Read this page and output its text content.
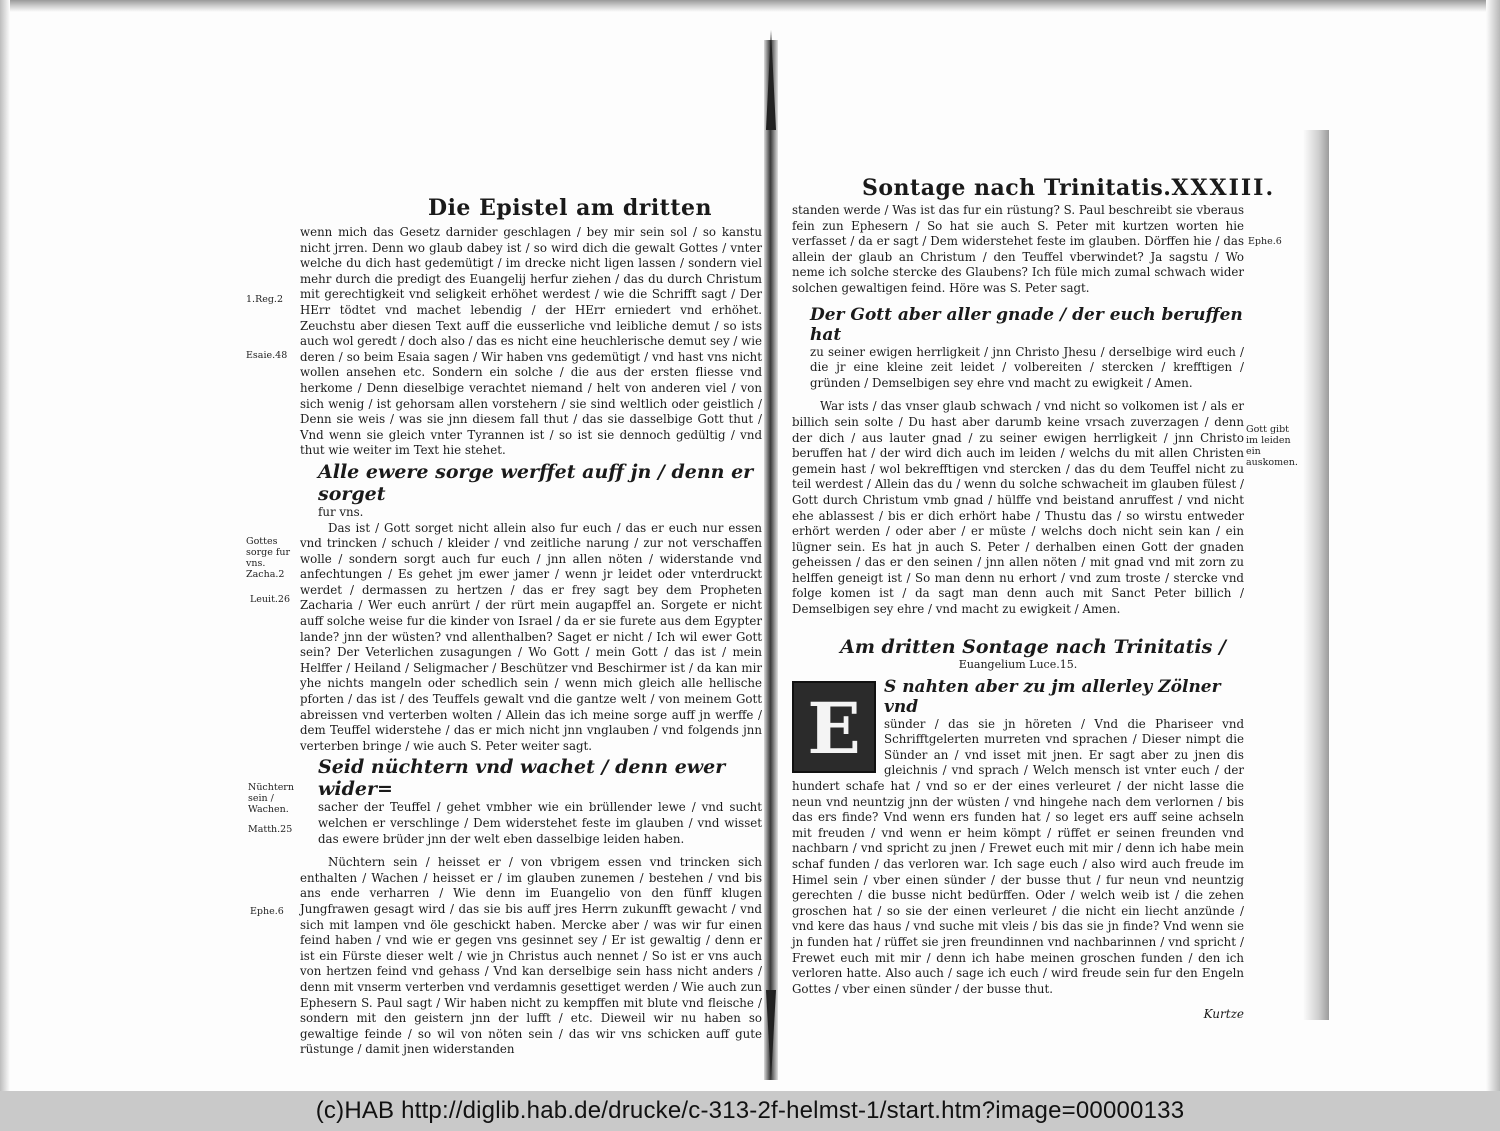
Die Epistel am dritten

wenn mich das Gesetz darnider geschlagen / bey mir sein sol / so kanstu nicht jrren. Denn wo glaub dabey ist / so wird dich die gewalt Gottes / vnter welche du dich hast gedemütigt / im drecke nicht ligen lassen / sondern viel mehr durch die predigt des Euangelij herfur ziehen / das du durch Christum mit gerechtigkeit vnd seligkeit erhöhet werdest / wie die Schrifft sagt / Der HErr tödtet vnd machet lebendig / der HErr erniedert vnd erhöhet. Zeuchstu aber diesen Text auff die eusserliche vnd leibliche demut / so ists auch wol geredt / doch also / das es nicht eine heuchlerische demut sey / wie deren / so beim Esaia sagen / Wir haben vns gedemütigt / vnd hast vns nicht wollen ansehen etc. Sondern ein solche / die aus der ersten fliesse vnd herkome / Denn dieselbige verachtet niemand / helt von anderen viel / von sich wenig / ist gehorsam allen vorstehern / sie sind weltlich oder geistlich / Denn sie weis / was sie jnn diesem fall thut / das sie dasselbige Gott thut / Vnd wenn sie gleich vnter Tyrannen ist / so ist sie dennoch gedültig / vnd thut wie weiter im Text hie stehet.

Alle ewere sorge werffet auff jn / denn er sorget

fur vns.

Das ist / Gott sorget nicht allein also fur euch / das er euch nur essen vnd trincken / schuch / kleider / vnd zeitliche narung / zur not verschaffen wolle / sondern sorgt auch fur euch / jnn allen nöten / widerstande vnd anfechtungen / Es gehet jm ewer jamer / wenn jr leidet oder vnterdruckt werdet / dermassen zu hertzen / das er frey sagt bey dem Propheten Zacharia / Wer euch anrürt / der rürt mein augapffel an. Sorgete er nicht auff solche weise fur die kinder von Israel / da er sie furete aus dem Egypter lande? jnn der wüsten? vnd allenthalben? Saget er nicht / Ich wil ewer Gott sein? Der Veterlichen zusagungen / Wo Gott / mein Gott / das ist / mein Helffer / Heiland / Seligmacher / Beschützer vnd Beschirmer ist / da kan mir yhe nichts mangeln oder schedlich sein / wenn mich gleich alle hellische pforten / das ist / des Teuffels gewalt vnd die gantze welt / von meinem Gott abreissen vnd verterben wolten / Allein das ich meine sorge auff jn werffe / dem Teuffel widerstehe / das er mich nicht jnn vnglauben / vnd folgends jnn verterben bringe / wie auch S. Peter weiter sagt.

Seid nüchtern vnd wachet / denn ewer wider=

sacher der Teuffel / gehet vmbher wie ein brüllender lewe / vnd sucht welchen er verschlinge / Dem widerstehet feste im glauben / vnd wisset das ewere brüder jnn der welt eben dasselbige leiden haben.

Nüchtern sein / heisset er / von vbrigem essen vnd trincken sich enthalten / Wachen / heisset er / im glauben zunemen / bestehen / vnd bis ans ende verharren / Wie denn im Euangelio von den fünff klugen Jungfrawen gesagt wird / das sie bis auff jres Herrn zukunfft gewacht / vnd sich mit lampen vnd öle geschickt haben. Mercke aber / was wir fur einen feind haben / vnd wie er gegen vns gesinnet sey / Er ist gewaltig / denn er ist ein Fürste dieser welt / wie jn Christus auch nennet / So ist er vns auch von hertzen feind vnd gehass / Vnd kan derselbige sein hass nicht anders / denn mit vnserm verterben vnd verdamnis gesettiget werden / Wie auch zun Ephesern S. Paul sagt / Wir haben nicht zu kempffen mit blute vnd fleische / sondern mit den geistern jnn der lufft / etc. Dieweil wir nu haben so gewaltige feinde / so wil von nöten sein / das wir vns schicken auff gute rüstunge / damit jnen widerstanden

1.Reg.2
Esaie.48
Gottes sorge fur vns. Zacha.2
Leuit.26
Nüchtern sein / Wachen.
Matth.25
Ephe.6
Sontage nach Trinitatis. XXXIII.

standen werde / Was ist das fur ein rüstung? S. Paul beschreibt sie vberaus fein zun Ephesern / So hat sie auch S. Peter mit kurtzen worten hie verfasset / da er sagt / Dem widerstehet feste im glauben. Dörffen hie / das allein der glaub an Christum / den Teuffel vberwindet? Ja sagstu / Wo neme ich solche stercke des Glaubens? Ich füle mich zumal schwach wider solchen gewaltigen feind. Höre was S. Peter sagt.

Der Gott aber aller gnade / der euch beruffen hat

zu seiner ewigen herrligkeit / jnn Christo Jhesu / derselbige wird euch / die jr eine kleine zeit leidet / volbereiten / stercken / krefftigen / gründen / Demselbigen sey ehre vnd macht zu ewigkeit / Amen.

War ists / das vnser glaub schwach / vnd nicht so volkomen ist / als er billich sein solte / Du hast aber darumb keine vrsach zuverzagen / denn der dich / aus lauter gnad / zu seiner ewigen herrligkeit / jnn Christo beruffen hat / der wird dich auch im leiden / welchs du mit allen Christen gemein hast / wol bekrefftigen vnd stercken / das du dem Teuffel nicht zu teil werdest / Allein das du / wenn du solche schwacheit im glauben fülest / Gott durch Christum vmb gnad / hülffe vnd beistand anruffest / vnd nicht ehe ablassest / bis er dich erhört habe / Thustu das / so wirstu entweder erhört werden / oder aber / er müste / welchs doch nicht sein kan / ein lügner sein. Es hat jn auch S. Peter / derhalben einen Gott der gnaden geheissen / das er den seinen / jnn allen nöten / mit gnad vnd mit zorn zu helffen geneigt ist / So man denn nu erhort / vnd zum troste / stercke vnd folge komen ist / da sagt man denn auch mit Sanct Peter billich / Demselbigen sey ehre / vnd macht zu ewigkeit / Amen.

Am dritten Sontage nach Trinitatis /
Euangelium Luce.15.
E	S nahten aber zu jm allerley Zölner vnd

sünder / das sie jn höreten / Vnd die Phariseer vnd Schrifftgelerten murreten vnd sprachen / Dieser nimpt die Sünder an / vnd isset mit jnen. Er sagt aber zu jnen dis gleichnis / vnd sprach / Welch mensch ist vnter euch / der hundert schafe hat / vnd so er der eines verleuret / der nicht lasse die neun vnd neuntzig jnn der wüsten / vnd hingehe nach dem verlornen / bis das ers finde? Vnd wenn ers funden hat / so leget ers auff seine achseln mit freuden / vnd wenn er heim kömpt / rüffet er seinen freunden vnd nachbarn / vnd spricht zu jnen / Frewet euch mit mir / denn ich habe mein schaf funden / das verloren war. Ich sage euch / also wird auch freude im Himel sein / vber einen sünder / der busse thut / fur neun vnd neuntzig gerechten / die busse nicht bedürffen. Oder / welch weib ist / die zehen groschen hat / so sie der einen verleuret / die nicht ein liecht anzünde / vnd kere das haus / vnd suche mit vleis / bis das sie jn finde? Vnd wenn sie jn funden hat / rüffet sie jren freundinnen vnd nachbarinnen / vnd spricht / Frewet euch mit mir / denn ich habe meinen groschen funden / den ich verloren hatte. Also auch / sage ich euch / wird freude sein fur den Engeln Gottes / vber einen sünder / der busse thut.

Kurtze
Ephe.6
Gott gibt im leiden ein auskomen.
(c)HAB http://diglib.hab.de/drucke/c-313-2f-helmst-1/start.htm?image=00000133
